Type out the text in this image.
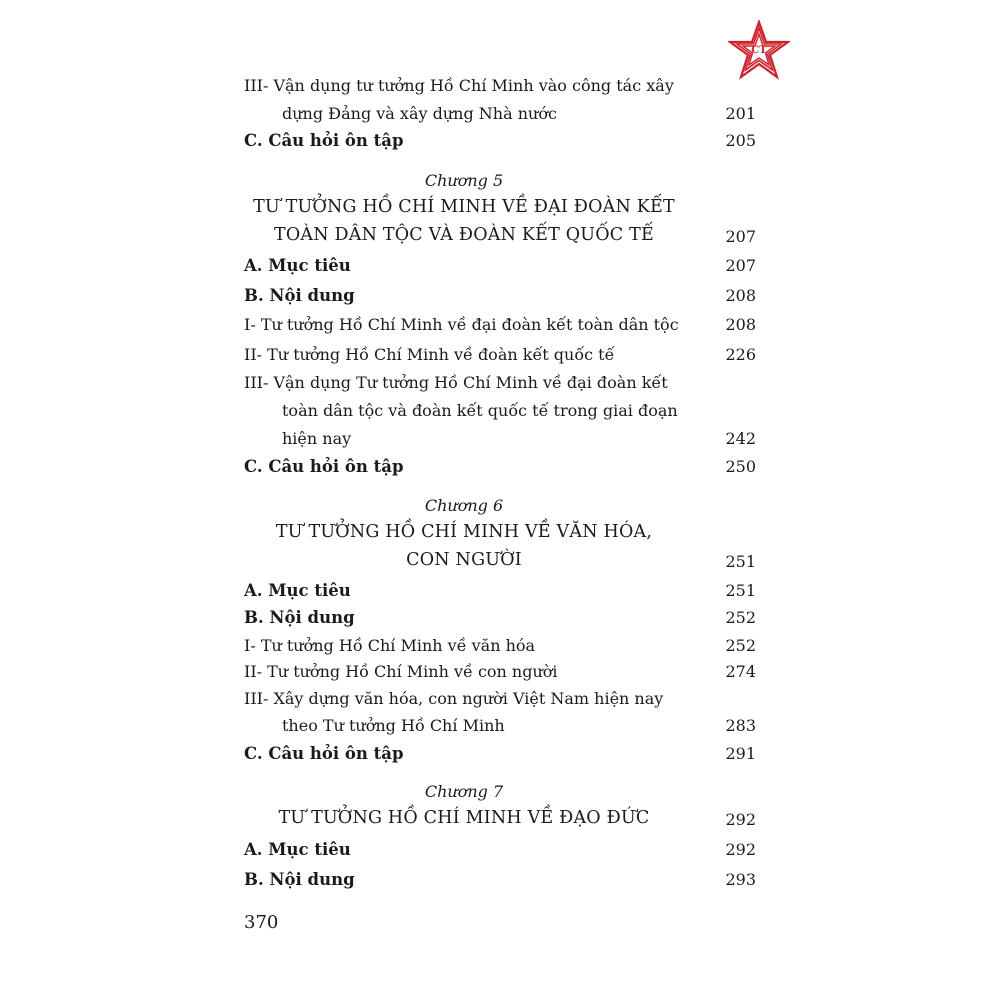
CT
III- Vận dụng tư tưởng Hồ Chí Minh vào công tác xây
dựng Đảng và xây dựng Nhà nước	201
C. Câu hỏi ôn tập	205
Chương 5
TƯ TƯỞNG HỒ CHÍ MINH VỀ ĐẠI ĐOÀN KẾT
TOÀN DÂN TỘC VÀ ĐOÀN KẾT QUỐC TẾ	207
A. Mục tiêu	207
B. Nội dung	208
I- Tư tưởng Hồ Chí Minh về đại đoàn kết toàn dân tộc	208
II- Tư tưởng Hồ Chí Minh về đoàn kết quốc tế	226
III- Vận dụng Tư tưởng Hồ Chí Minh về đại đoàn kết
toàn dân tộc và đoàn kết quốc tế trong giai đoạn
hiện nay	242
C. Câu hỏi ôn tập	250
Chương 6
TƯ TƯỞNG HỒ CHÍ MINH VỀ VĂN HÓA,
CON NGƯỜI	251
A. Mục tiêu	251
B. Nội dung	252
I- Tư tưởng Hồ Chí Minh về văn hóa	252
II- Tư tưởng Hồ Chí Minh về con người	274
III- Xây dựng văn hóa, con người Việt Nam hiện nay
theo Tư tưởng Hồ Chí Minh	283
C. Câu hỏi ôn tập	291
Chương 7
TƯ TƯỞNG HỒ CHÍ MINH VỀ ĐẠO ĐỨC	292
A. Mục tiêu	292
B. Nội dung	293
370
